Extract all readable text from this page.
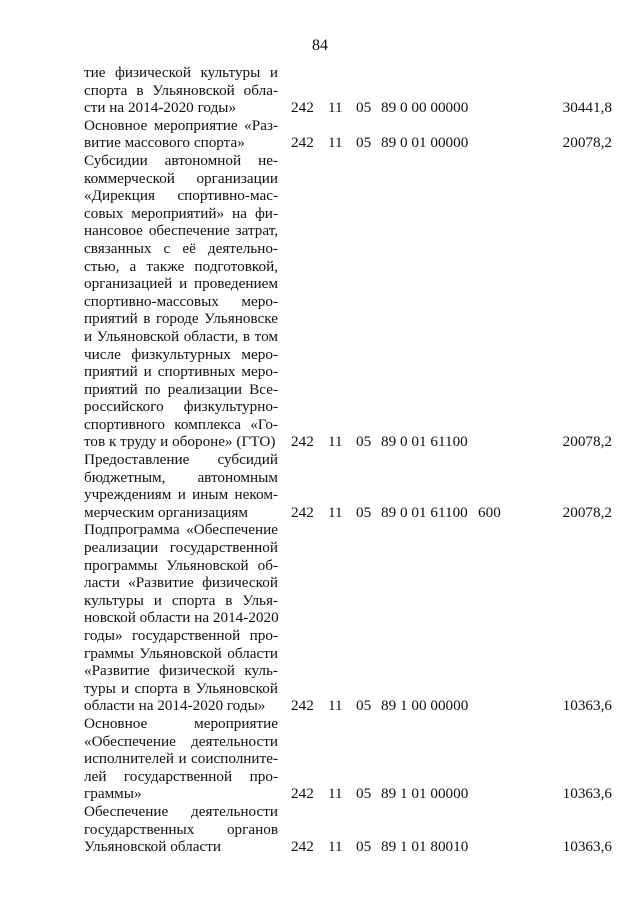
84
тие физической культуры и
спорта в Ульяновской обла-
сти на 2014-2020 годы»	242 11 05 89 0 00 00000	30441,8
Основное мероприятие «Раз-
витие массового спорта»	242 11 05 89 0 01 00000	20078,2
Субсидии автономной не-
коммерческой организации
«Дирекция спортивно-мас-
совых мероприятий» на фи-
нансовое обеспечение затрат,
связанных с её деятельно-
стью, а также подготовкой,
организацией и проведением
спортивно-массовых меро-
приятий в городе Ульяновске
и Ульяновской области, в том
числе физкультурных меро-
приятий и спортивных меро-
приятий по реализации Все-
российского физкультурно-
спортивного комплекса «Го-
тов к труду и обороне» (ГТО) 242 11 05 89 0 01 61100	20078,2
Предоставление субсидий
бюджетным, автономным
учреждениям и иным неком-
мерческим организациям	242 11 05 89 0 01 61100 600	20078,2
Подпрограмма «Обеспечение
реализации государственной
программы Ульяновской об-
ласти «Развитие физической
культуры и спорта в Улья-
новской области на 2014-2020
годы» государственной про-
граммы Ульяновской области
«Развитие физической куль-
туры и спорта в Ульяновской
области на 2014-2020 годы»	242 11 05 89 1 00 00000	10363,6
Основное мероприятие
«Обеспечение деятельности
исполнителей и соисполните-
лей государственной про-
граммы»	242 11 05 89 1 01 00000	10363,6
Обеспечение деятельности
государственных органов
Ульяновской области	242 11 05 89 1 01 80010	10363,6
